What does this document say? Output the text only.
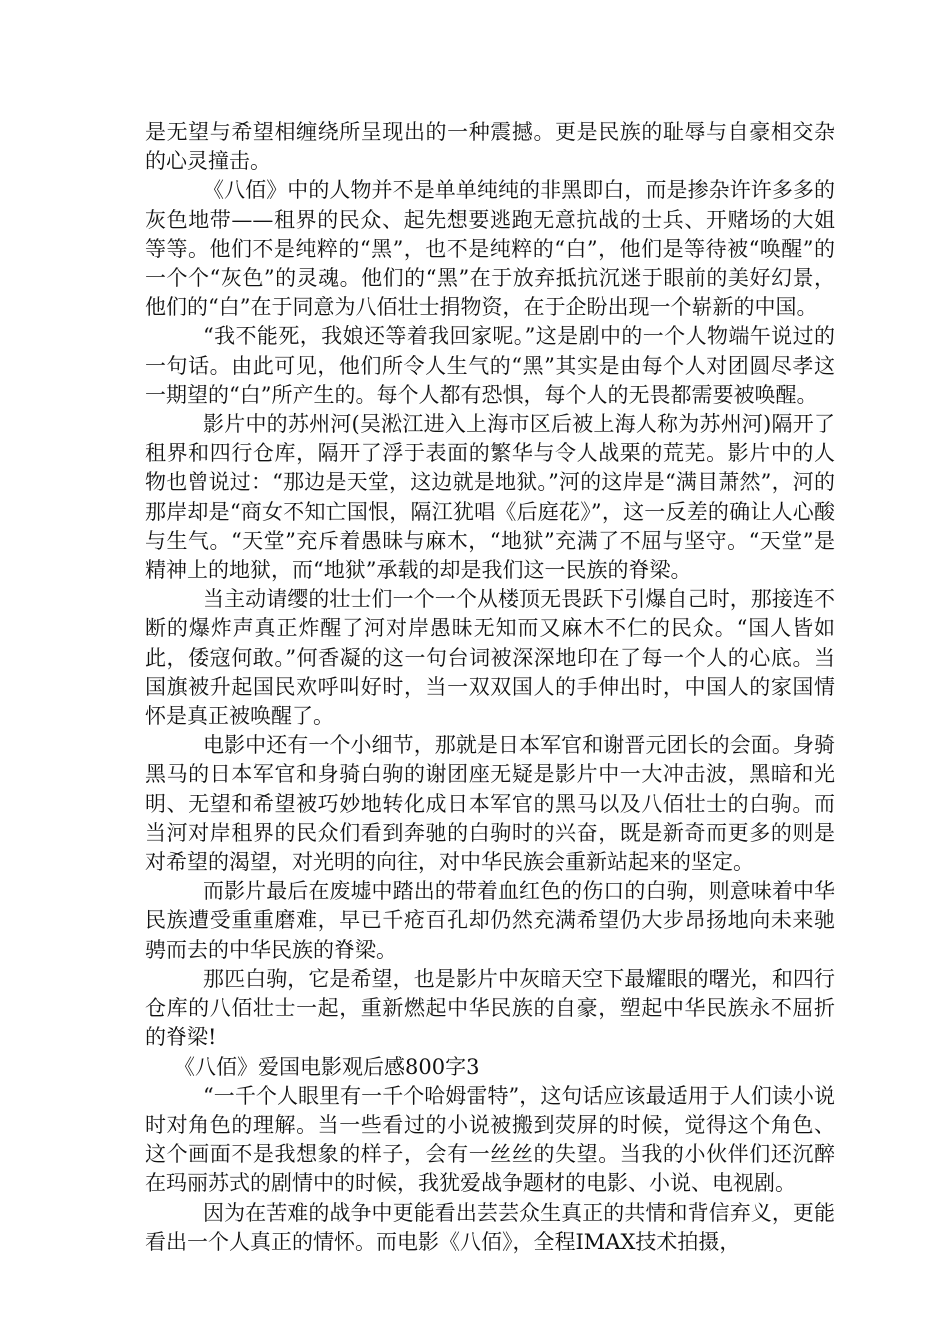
是无望与希望相缠绕所呈现出的一种震撼。更是民族的耻辱与自豪相交杂的心灵撞击。

《八佰》中的人物并不是单单纯纯的非黑即白，而是掺杂许许多多的灰色地带——租界的民众、起先想要逃跑无意抗战的士兵、开赌场的大姐等等。他们不是纯粹的“黑”，也不是纯粹的“白”，他们是等待被“唤醒”的一个个“灰色”的灵魂。他们的“黑”在于放弃抵抗沉迷于眼前的美好幻景，他们的“白”在于同意为八佰壮士捐物资，在于企盼出现一个崭新的中国。

“我不能死，我娘还等着我回家呢。”这是剧中的一个人物端午说过的一句话。由此可见，他们所令人生气的“黑”其实是由每个人对团圆尽孝这一期望的“白”所产生的。每个人都有恐惧，每个人的无畏都需要被唤醒。

影片中的苏州河(吴淞江进入上海市区后被上海人称为苏州河)隔开了租界和四行仓库，隔开了浮于表面的繁华与令人战栗的荒芜。影片中的人物也曾说过：“那边是天堂，这边就是地狱。”河的这岸是“满目萧然”，河的那岸却是“商女不知亡国恨，隔江犹唱《后庭花》”，这一反差的确让人心酸与生气。“天堂”充斥着愚昧与麻木，“地狱”充满了不屈与坚守。“天堂”是精神上的地狱，而“地狱”承载的却是我们这一民族的脊梁。

当主动请缨的壮士们一个一个从楼顶无畏跃下引爆自己时，那接连不断的爆炸声真正炸醒了河对岸愚昧无知而又麻木不仁的民众。“国人皆如此，倭寇何敢。”何香凝的这一句台词被深深地印在了每一个人的心底。当国旗被升起国民欢呼叫好时，当一双双国人的手伸出时，中国人的家国情怀是真正被唤醒了。

电影中还有一个小细节，那就是日本军官和谢晋元团长的会面。身骑黑马的日本军官和身骑白驹的谢团座无疑是影片中一大冲击波，黑暗和光明、无望和希望被巧妙地转化成日本军官的黑马以及八佰壮士的白驹。而当河对岸租界的民众们看到奔驰的白驹时的兴奋，既是新奇而更多的则是对希望的渴望，对光明的向往，对中华民族会重新站起来的坚定。

而影片最后在废墟中踏出的带着血红色的伤口的白驹，则意味着中华民族遭受重重磨难，早已千疮百孔却仍然充满希望仍大步昂扬地向未来驰骋而去的中华民族的脊梁。

那匹白驹，它是希望，也是影片中灰暗天空下最耀眼的曙光，和四行仓库的八佰壮士一起，重新燃起中华民族的自豪，塑起中华民族永不屈折的脊梁!

《八佰》爱国电影观后感800字3

“一千个人眼里有一千个哈姆雷特”，这句话应该最适用于人们读小说时对角色的理解。当一些看过的小说被搬到荧屏的时候，觉得这个角色、这个画面不是我想象的样子，会有一丝丝的失望。当我的小伙伴们还沉醉在玛丽苏式的剧情中的时候，我犹爱战争题材的电影、小说、电视剧。

因为在苦难的战争中更能看出芸芸众生真正的共情和背信弃义，更能看出一个人真正的情怀。而电影《八佰》，全程IMAX技术拍摄，
